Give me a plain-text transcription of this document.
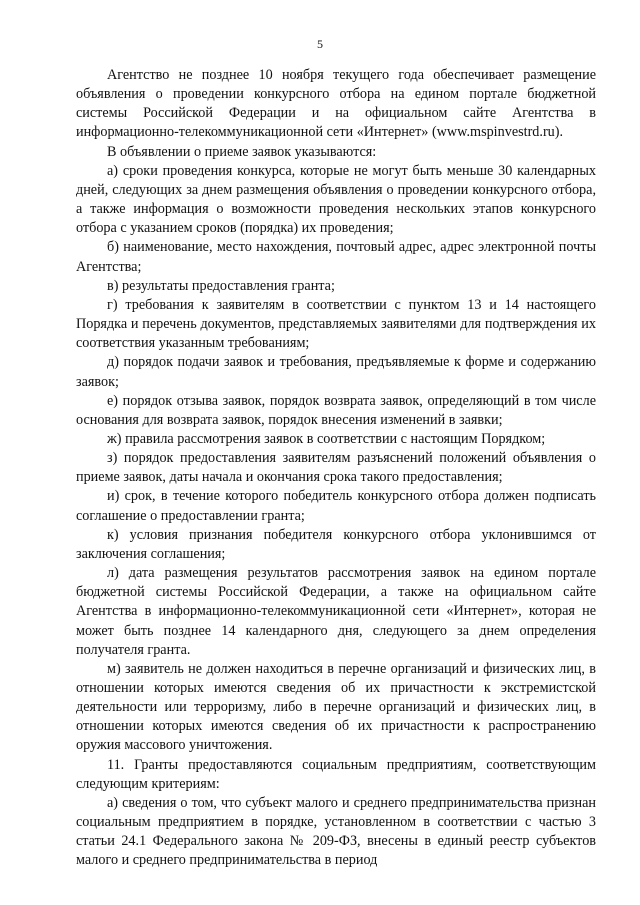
5

Агентство не позднее 10 ноября текущего года обеспечивает размещение объявления о проведении конкурсного отбора на едином портале бюджетной системы Российской Федерации и на официальном сайте Агентства в информационно-телекоммуникационной сети «Интернет» (www.mspinvestrd.ru).

В объявлении о приеме заявок указываются:

а) сроки проведения конкурса, которые не могут быть меньше 30 календарных дней, следующих за днем размещения объявления о проведении конкурсного отбора, а также информация о возможности проведения нескольких этапов конкурсного отбора с указанием сроков (порядка) их проведения;

б) наименование, место нахождения, почтовый адрес, адрес электронной почты Агентства;

в) результаты предоставления гранта;

г) требования к заявителям в соответствии с пунктом 13 и 14 настоящего Порядка и перечень документов, представляемых заявителями для подтверждения их соответствия указанным требованиям;

д) порядок подачи заявок и требования, предъявляемые к форме и содержанию заявок;

е) порядок отзыва заявок, порядок возврата заявок, определяющий в том числе основания для возврата заявок, порядок внесения изменений в заявки;

ж) правила рассмотрения заявок в соответствии с настоящим Порядком;

з) порядок предоставления заявителям разъяснений положений объявления о приеме заявок, даты начала и окончания срока такого предоставления;

и) срок, в течение которого победитель конкурсного отбора должен подписать соглашение о предоставлении гранта;

к) условия признания победителя конкурсного отбора уклонившимся от заключения соглашения;

л) дата размещения результатов рассмотрения заявок на едином портале бюджетной системы Российской Федерации, а также на официальном сайте Агентства в информационно-телекоммуникационной сети «Интернет», которая не может быть позднее 14 календарного дня, следующего за днем определения получателя гранта.

м) заявитель не должен находиться в перечне организаций и физических лиц, в отношении которых имеются сведения об их причастности к экстремистской деятельности или терроризму, либо в перечне организаций и физических лиц, в отношении которых имеются сведения об их причастности к распространению оружия массового уничтожения.

11. Гранты предоставляются социальным предприятиям, соответствующим следующим критериям:

а) сведения о том, что субъект малого и среднего предпринимательства признан социальным предприятием в порядке, установленном в соответствии с частью 3 статьи 24.1 Федерального закона № 209-ФЗ, внесены в единый реестр субъектов малого и среднего предпринимательства в период
